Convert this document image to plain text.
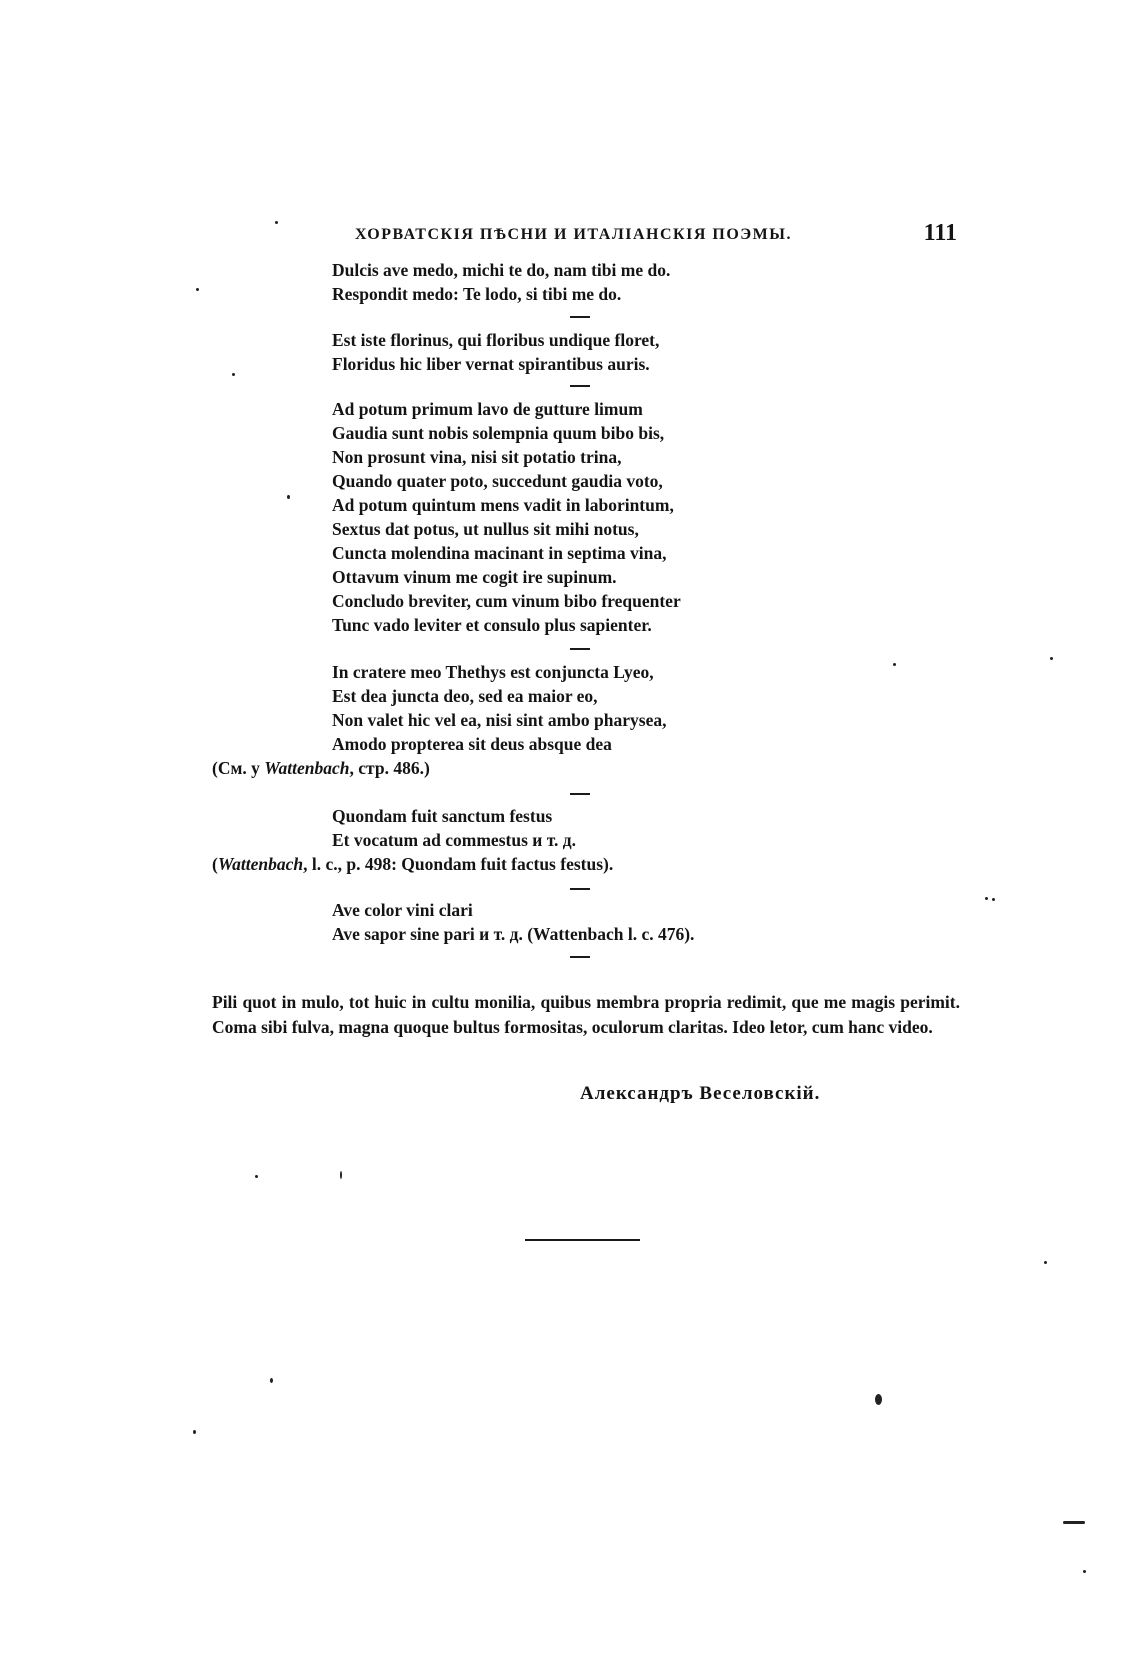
ХОРВАТСКІЯ ПѢСНИ И ИТАЛІАНСКІЯ ПОЭМЫ.	111
Dulcis ave medo, michi te do, nam tibi me do.
Respondit medo: Te lodo, si tibi me do.
Est iste florinus, qui floribus undique floret,
Floridus hic liber vernat spirantibus auris.
Ad potum primum lavo de gutture limum
Gaudia sunt nobis solempnia quum bibo bis,
Non prosunt vina, nisi sit potatio trina,
Quando quater poto, succedunt gaudia voto,
Ad potum quintum mens vadit in laborintum,
Sextus dat potus, ut nullus sit mihi notus,
Cuncta molendina macinant in septima vina,
Ottavum vinum me cogit ire supinum.
Concludo breviter, cum vinum bibo frequenter
Tunc vado leviter et consulo plus sapienter.
In cratere meo Thethys est conjuncta Lyeo,
Est dea juncta deo, sed ea maior eo,
Non valet hic vel ea, nisi sint ambo pharysea,
Amodo propterea sit deus absque dea
(См. у Wattenbach, стр. 486.)
Quondam fuit sanctum festus
Et vocatum ad commestus и т. д.
(Wattenbach, l. c., p. 498: Quondam fuit factus festus).
Ave color vini clari
Ave sapor sine pari и т. д. (Wattenbach l. c. 476).
Pili quot in mulo, tot huic in cultu monilia, quibus membra propria redimit, que me magis perimit. Coma sibi fulva, magna quoque bultus formositas, oculorum claritas. Ideo letor, cum hanc video.
Александръ Веселовскій.
